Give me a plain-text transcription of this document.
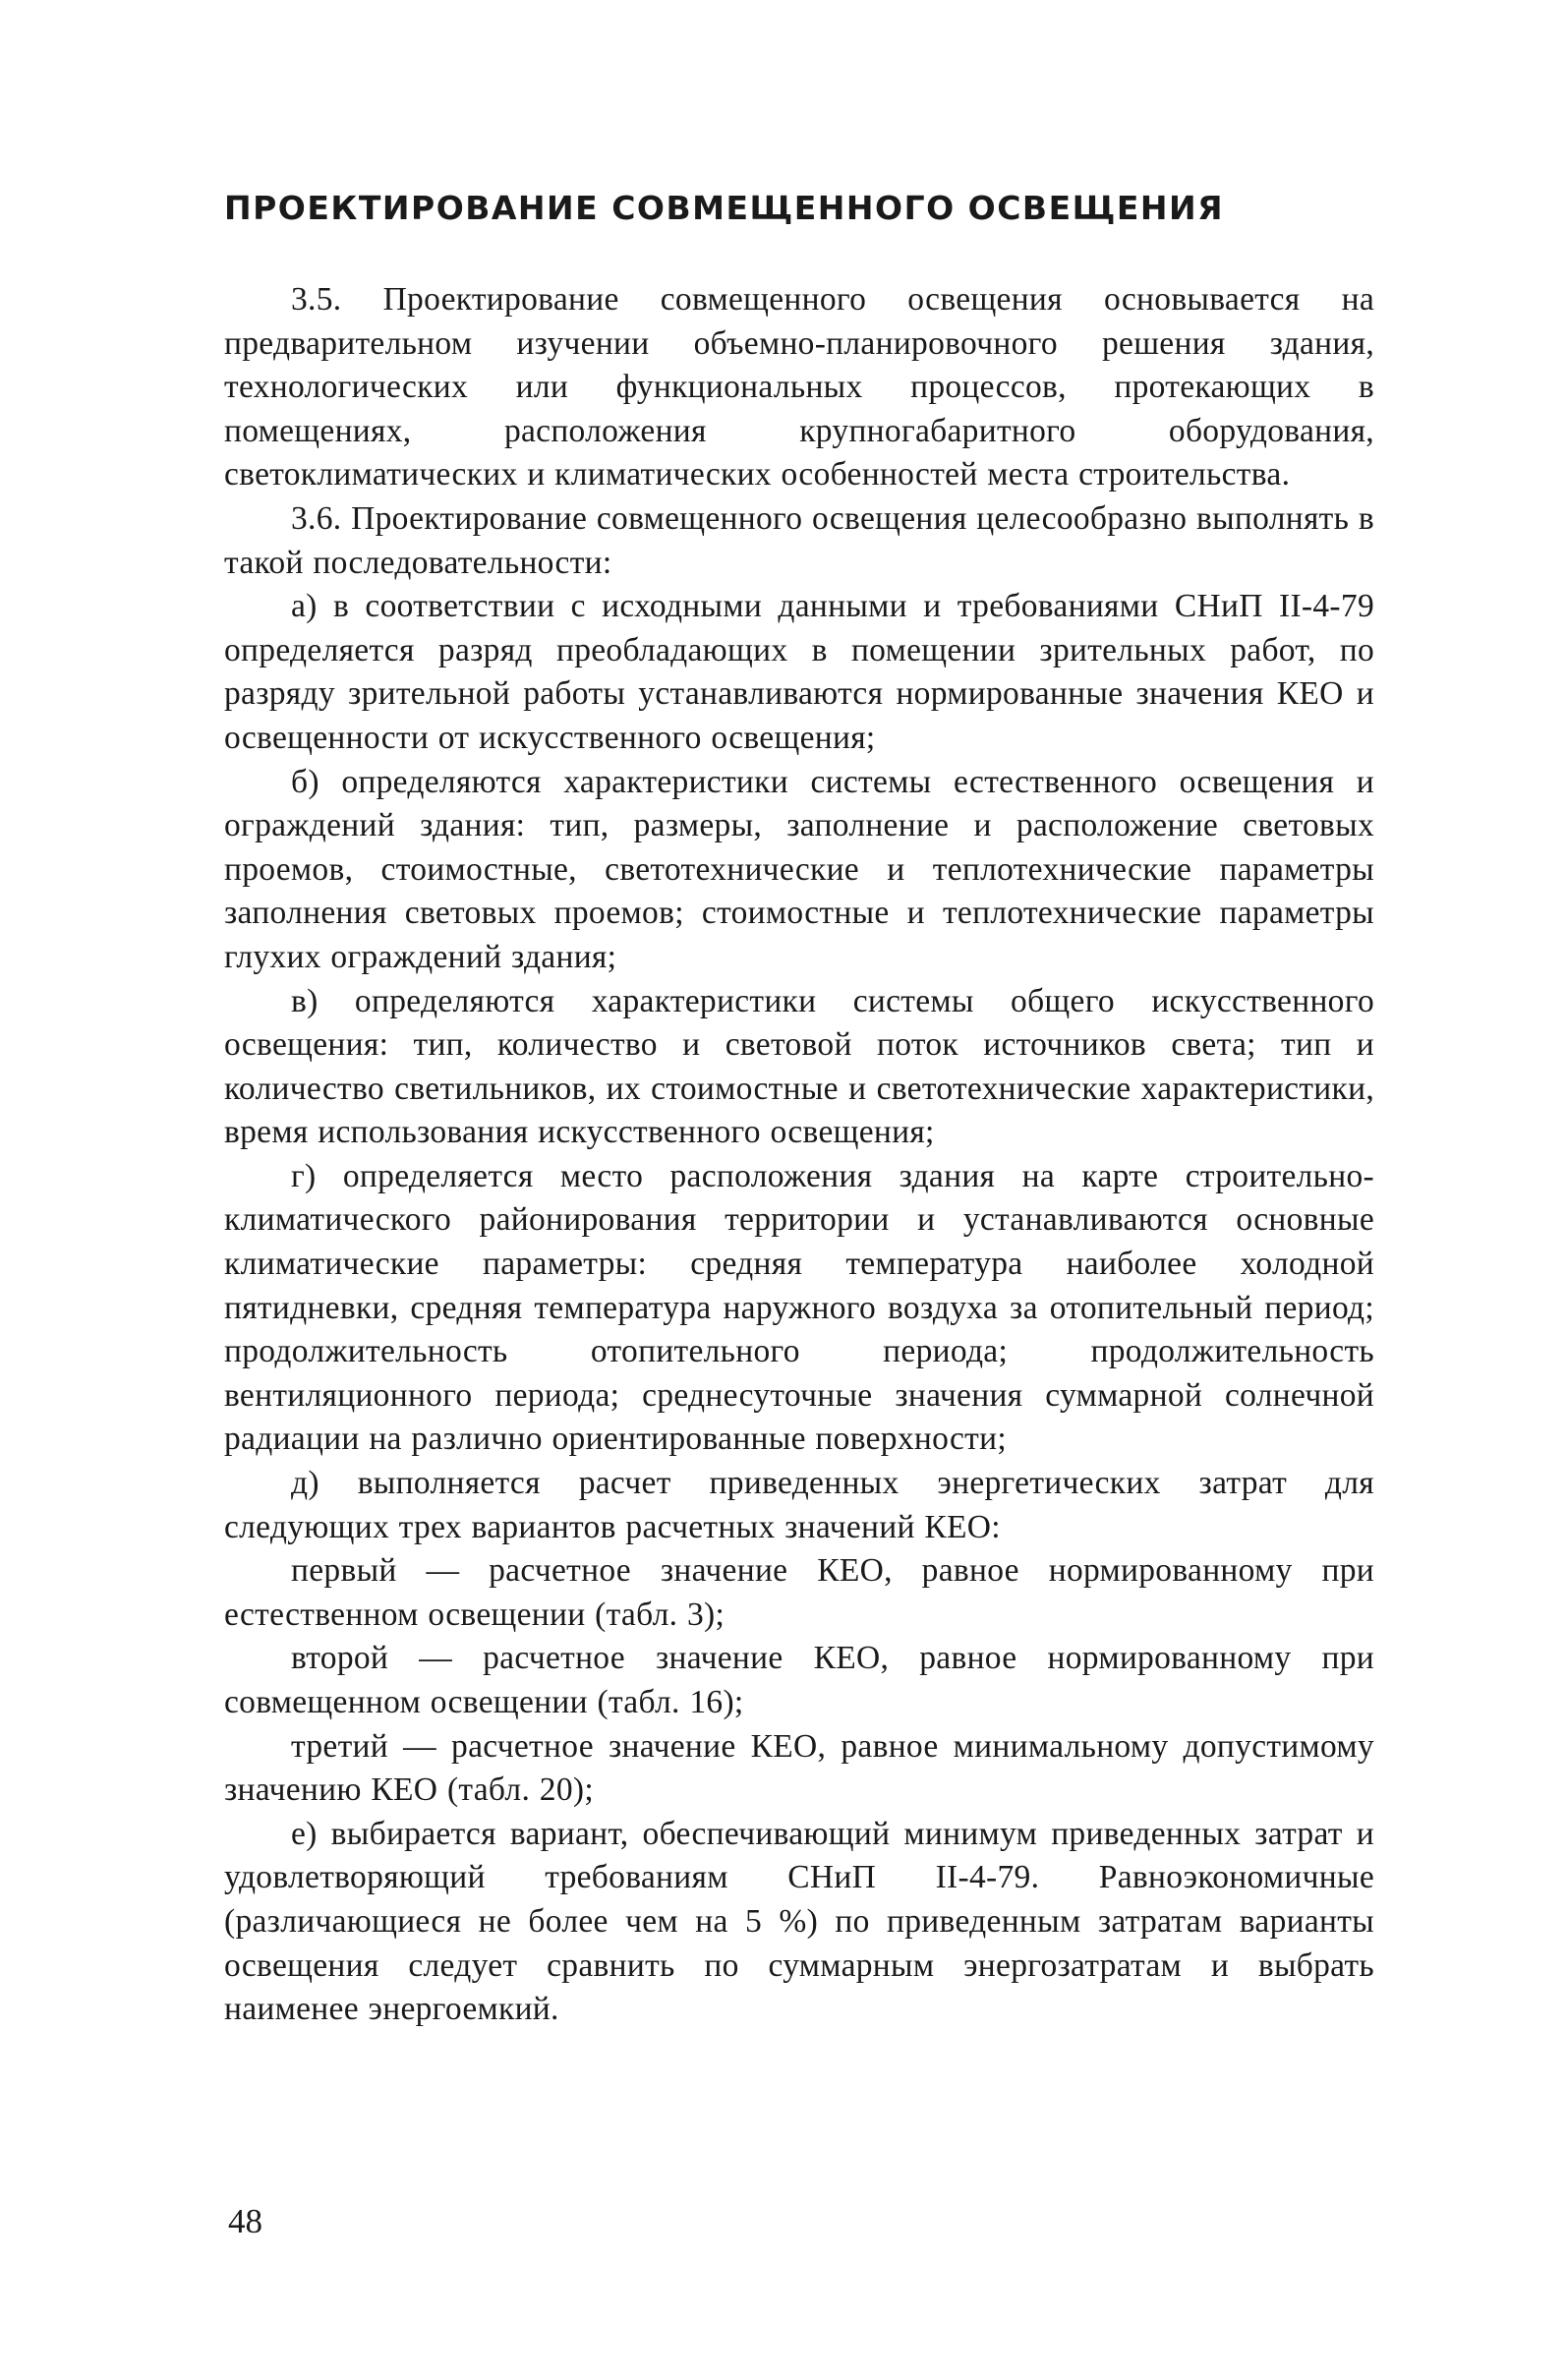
ПРОЕКТИРОВАНИЕ СОВМЕЩЕННОГО ОСВЕЩЕНИЯ

3.5. Проектирование совмещенного освещения основывается на предварительном изучении объемно-планировочного решения здания, технологических или функциональных процессов, протекающих в помещениях, расположения крупногабаритного оборудования, светоклиматических и климатических особенностей места строительства.

3.6. Проектирование совмещенного освещения целесообразно выполнять в такой последовательности:

а) в соответствии с исходными данными и требованиями СНиП II-4-79 определяется разряд преобладающих в помещении зрительных работ, по разряду зрительной работы устанавливаются нормированные значения КЕО и освещенности от искусственного освещения;

б) определяются характеристики системы естественного освещения и ограждений здания: тип, размеры, заполнение и расположение световых проемов, стоимостные, светотехнические и теплотехнические параметры заполнения световых проемов; стоимостные и теплотехнические параметры глухих ограждений здания;

в) определяются характеристики системы общего искусственного освещения: тип, количество и световой поток источников света; тип и количество светильников, их стоимостные и светотехнические характеристики, время использования искусственного освещения;

г) определяется место расположения здания на карте строительно-климатического районирования территории и устанавливаются основные климатические параметры: средняя температура наиболее холодной пятидневки, средняя температура наружного воздуха за отопительный период; продолжительность отопительного периода; продолжительность вентиляционного периода; среднесуточные значения суммарной солнечной радиации на различно ориентированные поверхности;

д) выполняется расчет приведенных энергетических затрат для следующих трех вариантов расчетных значений КЕО:

первый — расчетное значение КЕО, равное нормированному при естественном освещении (табл. 3);

второй — расчетное значение КЕО, равное нормированному при совмещенном освещении (табл. 16);

третий — расчетное значение КЕО, равное минимальному допустимому значению КЕО (табл. 20);

е) выбирается вариант, обеспечивающий минимум приведенных затрат и удовлетворяющий требованиям СНиП II-4-79. Равноэкономичные (различающиеся не более чем на 5 %) по приведенным затратам варианты освещения следует сравнить по суммарным энергозатратам и выбрать наименее энергоемкий.

48
